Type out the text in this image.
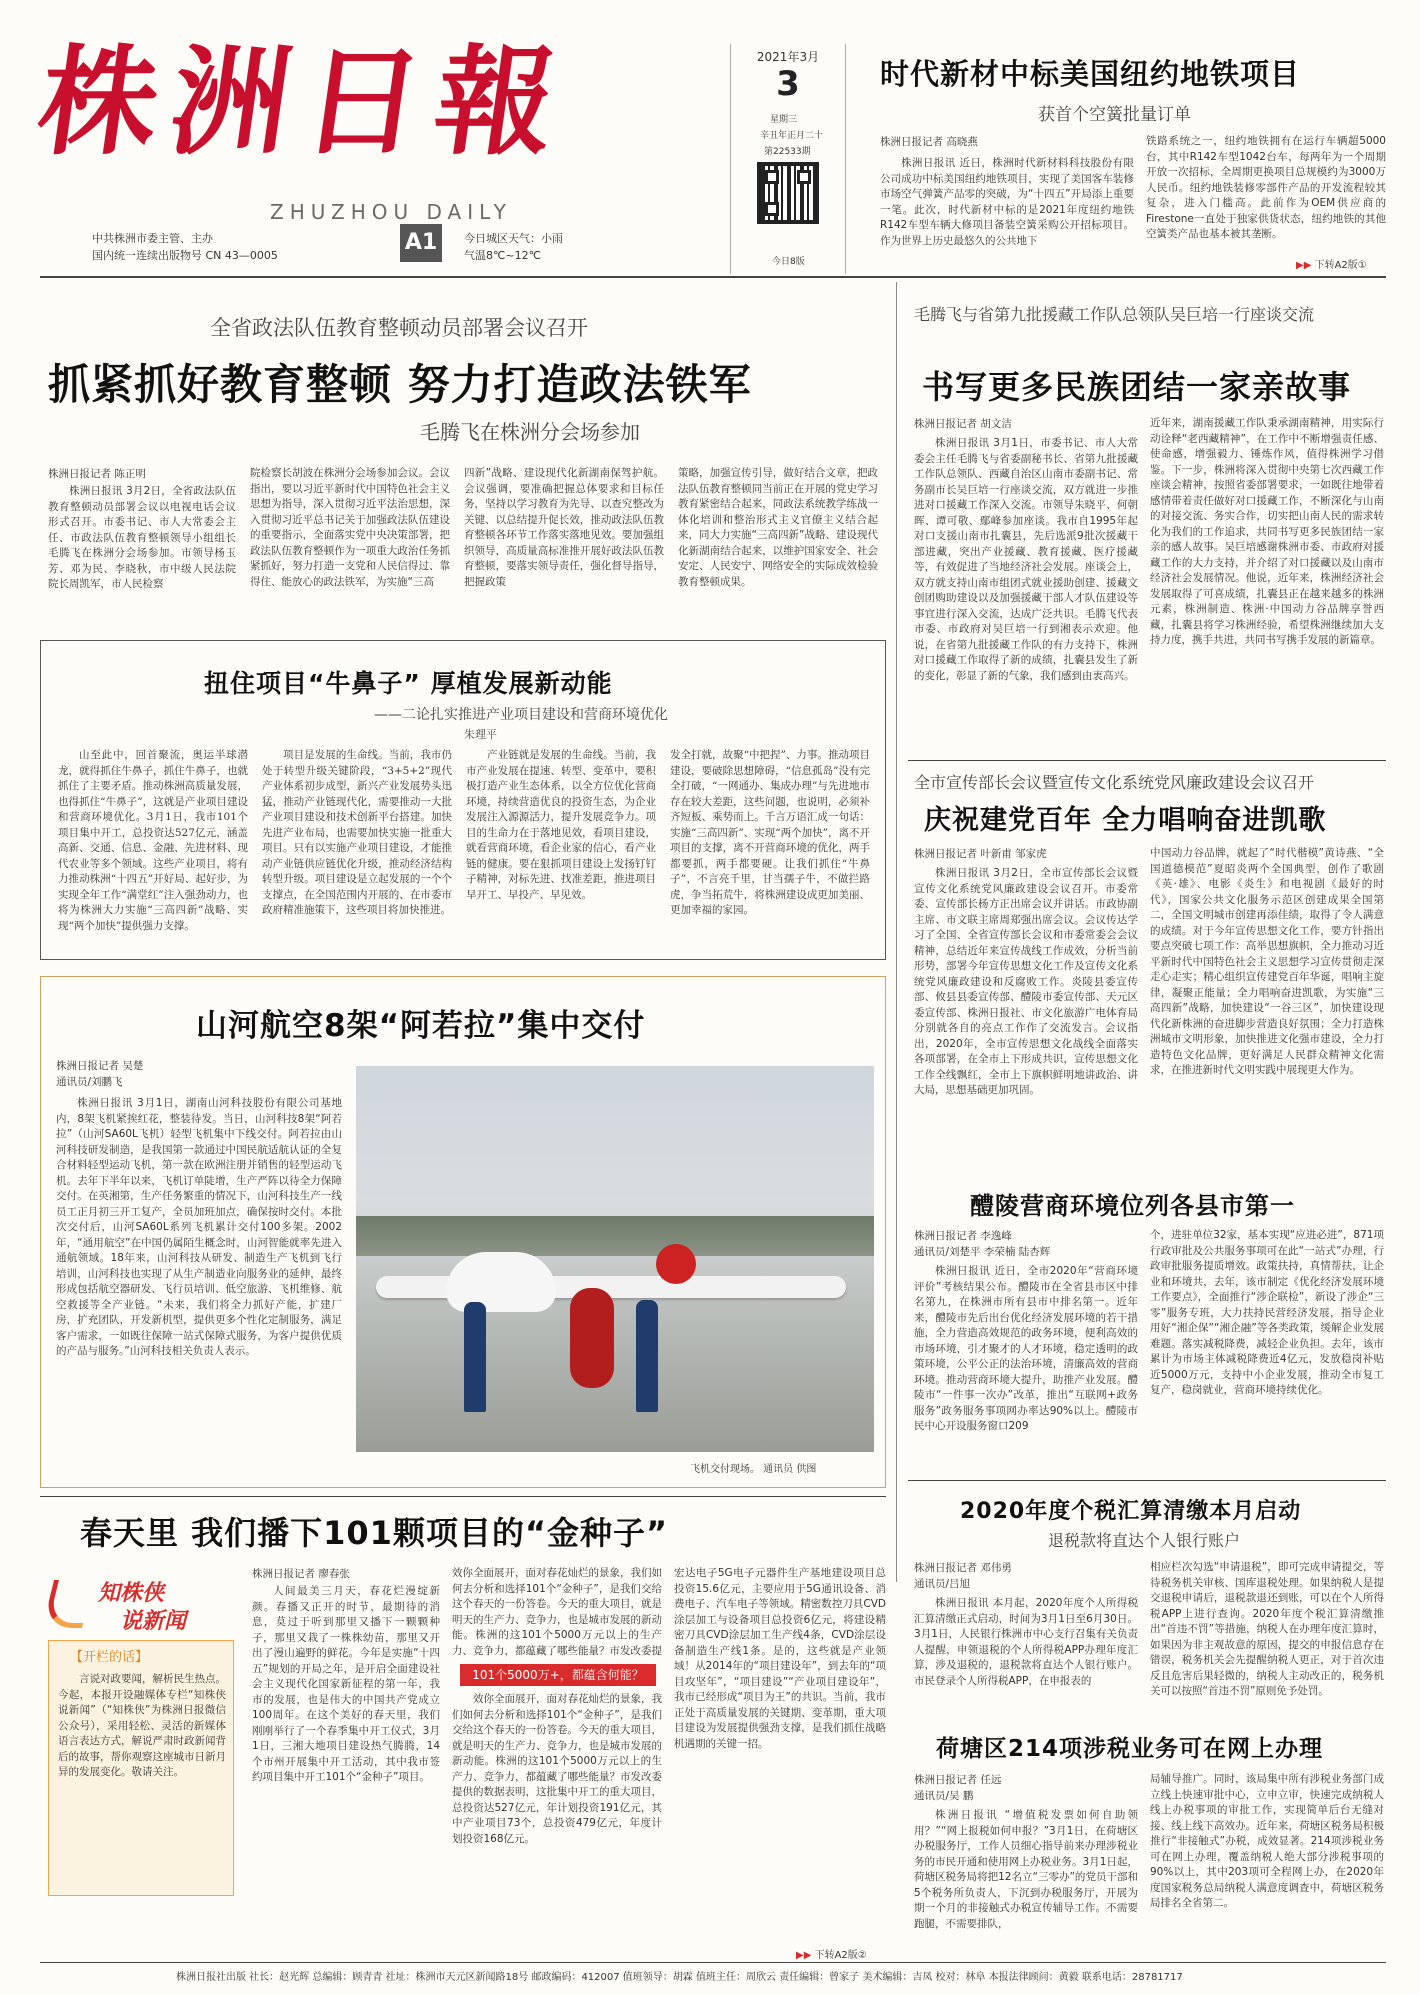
株洲日報
ZHUZHOU DAILY
中共株洲市委主管、主办
国内统一连续出版物号 CN 43—0005
A1	今日城区天气：小雨
气温8℃~12℃
2021年3月
3
星期三
辛丑年正月二十
第22533期
今日8版
时代新材中标美国纽约地铁项目
获首个空簧批量订单
株洲日报记者 高晓燕

株洲日报讯 近日，株洲时代新材料科技股份有限公司成功中标美国纽约地铁项目，实现了美国客车装修市场空气弹簧产品零的突破，为“十四五”开局添上重要一笔。此次，时代新材中标的是2021年度纽约地铁R142车型车辆大修项目备装空簧采购公开招标项目。作为世界上历史最悠久的公共地下

铁路系统之一，纽约地铁拥有在运行车辆超5000台，其中R142车型1042台车，每两年为一个周期开放一次招标，全周期更换项目总规模约为3000万人民币。纽约地铁装修零部件产品的开发流程较其复杂，进入门槛高。此前作为OEM供应商的Firestone一直处于独家供货状态，纽约地铁的其他空簧类产品也基本被其垄断。

▶▶ 下转A2版①
全省政法队伍教育整顿动员部署会议召开
抓紧抓好教育整顿 努力打造政法铁军
毛腾飞在株洲分会场参加
株洲日报记者 陈正明

株洲日报讯 3月2日，全省政法队伍教育整顿动员部署会议以电视电话会议形式召开。市委书记、市人大常委会主任、市政法队伍教育整顿领导小组组长毛腾飞在株洲分会场参加。市领导杨玉芳、邓为民、李晓秋，市中级人民法院院长周凯军，市人民检察

院检察长胡波在株洲分会场参加会议。会议指出，要以习近平新时代中国特色社会主义思想为指导，深入贯彻习近平法治思想，深入贯彻习近平总书记关于加强政法队伍建设的重要指示，全面落实党中央决策部署，把政法队伍教育整顿作为一项重大政治任务抓紧抓好，努力打造一支党和人民信得过、靠得住、能放心的政法铁军，为实施“三高

四新”战略、建设现代化新湖南保驾护航。会议强调，要准确把握总体要求和目标任务，坚持以学习教育为先导、以查究整改为关键、以总结提升促长效，推动政法队伍教育整顿各环节工作落实落地见效。要加强组织领导，高质量高标准推开展好政法队伍教育整顿，要落实领导责任，强化督导指导，把握政策

策略，加强宣传引导，做好结合文章，把政法队伍教育整顿同当前正在开展的党史学习教育紧密结合起来，同政法系统教学练战一体化培训和整治形式主义官僚主义结合起来，同大力实施“三高四新”战略、建设现代化新湖南结合起来，以维护国家安全、社会安定、人民安宁、网络安全的实际成效检验教育整顿成果。

扭住项目“牛鼻子” 厚植发展新动能
——二论扎实推进产业项目建设和营商环境优化
朱理平

山至此中，回首聚流，奥运半球潜龙，就得抓住牛鼻子，抓住牛鼻子，也就抓住了主要矛盾。推动株洲高质量发展，也得抓住“牛鼻子”，这就是产业项目建设和营商环境优化。3月1日，我市101个项目集中开工，总投资达527亿元，涵盖高新、交通、信息、金融、先进材料、现代农业等多个领域。这些产业项目，将有力推动株洲“十四五”开好局、起好步，为实现全年工作“满堂红”注入强劲动力，也将为株洲大力实施“三高四新”战略、实现“两个加快”提供强力支撑。

项目是发展的生命线。当前，我市仍处于转型升级关键阶段，“3+5+2”现代产业体系初步成型，新兴产业发展势头迅猛，推动产业链现代化，需要推动一大批产业项目建设和技术创新平台搭建。加快先进产业布局，也需要加快实施一批重大项目。只有以实施产业项目建设，才能推动产业链供应链优化升级，推动经济结构转型升级。项目建设是立起发展的一个个支撑点，在全国范围内开展的、在市委市政府精准施策下，这些项目将加快推进。

产业链就是发展的生命线。当前，我市产业发展在提速、转型、变革中，要积极打造产业生态体系，以全方位优化营商环境，持续营造优良的投资生态，为企业发展注入源源活力，提升发展竞争力。项目的生命力在于落地见效，看项目建设，就看营商环境，看企业家的信心，看产业链的健康。要在狠抓项目建设上发扬钉钉子精神，对标先进、找准差距，推进项目早开工、早投产、早见效。

发全打就，故聚“中把捏”、力事。推动项目建设，要破除思想障碍，“信息孤岛”没有完全打破，“一网通办、集成办理”与先进地市存在较大差距，这些问题，也说明，必须补齐短板、乘势而上。千言万语汇成一句话：实施“三高四新”、实现“两个加快”，离不开项目的支撑，离不开营商环境的优化，两手都要抓，两手都要硬。让我们抓住“牛鼻子”，不言亮千里，甘当孺子牛，不做拦路虎，争当拓荒牛，将株洲建设成更加美丽、更加幸福的家园。

山河航空8架“阿若拉”集中交付
株洲日报记者 吴楚
通讯员/刘鹏飞

株洲日报讯 3月1日，湖南山河科技股份有限公司基地内，8架飞机紧挨红花，整装待发。当日，山河科技8架“阿若拉”（山河SA60L飞机）轻型飞机集中下线交付。阿若拉由山河科技研发制造，是我国第一款通过中国民航适航认证的全复合材料轻型运动飞机，第一款在欧洲注册并销售的轻型运动飞机。去年下半年以来，飞机订单陡增，生产严阵以待全力保障交付。在英湘第，生产任务繁重的情况下，山河科技生产一线员工正月初三开工复产，全员加班加点，确保按时交付。本批次交付后，山河SA60L系列飞机累计交付100多架。2002年，“通用航空”在中国仍属陌生概念时，山河智能就率先进入通航领域。18年来，山河科技从研发、制造生产飞机到飞行培训，山河科技也实现了从生产制造业向服务业的延伸，最终形成包括航空器研发、飞行员培训、低空旅游、飞机维修、航空救援等全产业链。“未来，我们将全力抓好产能，扩建厂房，扩充团队，开发新机型，提供更多个性化定制服务，满足客户需求，一如既往保障一站式保障式服务，为客户提供优质的产品与服务。”山河科技相关负责人表示。

飞机交付现场。 通讯员 供图
毛腾飞与省第九批援藏工作队总领队吴巨培一行座谈交流
书写更多民族团结一家亲故事
株洲日报记者 胡文洁

株洲日报讯 3月1日，市委书记、市人大常委会主任毛腾飞与省委副秘书长、省第九批援藏工作队总领队、西藏自治区山南市委副书记、常务副市长吴巨培一行座谈交流，双方就进一步推进对口援藏工作深入交流。市领导朱晓平、何朝晖、谭可敬、鄢峰参加座谈。我市自1995年起对口支援山南市扎囊县，先后选派9批次援藏干部进藏，突出产业援藏、教育援藏、医疗援藏等，有效促进了当地经济社会发展。座谈会上，双方就支持山南市组团式就业援助创建、援藏文创团购助建设以及加强援藏干部人才队伍建设等事宜进行深入交流，达成广泛共识。毛腾飞代表市委、市政府对吴巨培一行到湘表示欢迎。他说，在省第九批援藏工作队的有力支持下，株洲对口援藏工作取得了新的成绩，扎囊县发生了新的变化，彰显了新的气象，我们感到由衷高兴。

近年来，湖南援藏工作队秉承湖南精神，用实际行动诠释“老西藏精神”，在工作中不断增强责任感、使命感，增强毅力、锤炼作风，值得株洲学习借鉴。下一步，株洲将深入贯彻中央第七次西藏工作座谈会精神，按照省委部署要求，一如既往地带着感情带着责任做好对口援藏工作，不断深化与山南的对接交流、务实合作，切实把山南人民的需求转化为我们的工作追求，共同书写更多民族团结一家亲的感人故事。吴巨培感谢株洲市委、市政府对援藏工作的大力支持，并介绍了对口援藏以及山南市经济社会发展情况。他说，近年来，株洲经济社会发展取得了可喜成绩，扎囊县正在越来越多的株洲元素，株洲制造、株洲·中国动力谷品牌享誉西藏，扎囊县将学习株洲经验，希望株洲继续加大支持力度，携手共进，共同书写携手发展的新篇章。

全市宣传部长会议暨宣传文化系统党风廉政建设会议召开
庆祝建党百年 全力唱响奋进凯歌
株洲日报记者 叶新甫 邹家虎

株洲日报讯 3月2日，全市宣传部长会议暨宣传文化系统党风廉政建设会议召开。市委常委、宣传部长杨方正出席会议并讲话。市政协副主席、市文联主席周郑强出席会议。会议传达学习了全国、全省宣传部长会议和市委常委会会议精神，总结近年来宣传战线工作成效，分析当前形势，部署今年宣传思想文化工作及宣传文化系统党风廉政建设和反腐败工作。炎陵县委宣传部、攸县县委宣传部、醴陵市委宣传部、天元区委宣传部、株洲日报社、市文化旅游广电体育局分别就各自的亮点工作作了交流发言。会议指出，2020年，全市宣传思想文化战线全面落实各项部署，在全市上下形成共识，宣传思想文化工作全线飘红，全市上下旗帜鲜明地讲政治、讲大局，思想基础更加巩固。

中国动力谷品牌，就起了“时代楷模”黄诗燕、“全国道德模范”夏昭炎两个全国典型，创作了歌剧《英·雄》、电影《炎生》和电视剧《最好的时代》，国家公共文化服务示范区创建成果全国第二，全国文明城市创建再添佳绩，取得了令人满意的成绩。对于今年宣传思想文化工作，要方针指出要点突破七项工作：高举思想旗帜，全力推动习近平新时代中国特色社会主义思想学习宣传贯彻走深走心走实；精心组织宣传建党百年华诞，唱响主旋律，凝聚正能量；全力唱响奋进凯歌，为实施“三高四新”战略，加快建设“一谷三区”，加快建设现代化新株洲的奋进脚步营造良好氛围；全力打造株洲城市文明形象，加快推进文化强市建设，全力打造特色文化品牌，更好满足人民群众精神文化需求，在推进新时代文明实践中展现更大作为。

醴陵营商环境位列各县市第一
株洲日报记者 李逸峰
通讯员/刘楚平 李荣楠 陆杏辉

株洲日报讯 近日，全市2020年“营商环境评价”考核结果公布。醴陵市在全省县市区中排名第九，在株洲市所有县市中排名第一。近年来，醴陵市先后出台优化经济发展环境的若干措施，全力营造高效规范的政务环境，便利高效的市场环境，引才聚才的人才环境，稳定透明的政策环境，公平公正的法治环境，清廉高效的营商环境。推动营商环境大提升，助推产业发展。醴陵市“一件事一次办”改革，推出“互联网+政务服务”政务服务事项网办率达90%以上。醴陵市民中心开设服务窗口209

个，进驻单位32家，基本实现“应进必进”，871项行政审批及公共服务事项可在此“一站式”办理，行政审批服务提质增效。政策扶持，真情帮扶，让企业和环境共，去年，该市制定《优化经济发展环境工作要点》，全面推行“涉企联检”，新设了涉企“三零”服务专班，大力扶持民营经济发展，指导企业用好“湘企保”“湘企融”等各类政策，缓解企业发展难题。落实减税降费，减轻企业负担。去年，该市累计为市场主体减税降费近4亿元，发放稳岗补贴近5000万元，支持中小企业发展，推动全市复工复产，稳岗就业，营商环境持续优化。

2020年度个税汇算清缴本月启动
退税款将直达个人银行账户
株洲日报记者 邓伟勇
通讯员/吕旭

株洲日报讯 本月起，2020年度个人所得税汇算清缴正式启动，时间为3月1日至6月30日。3月1日，人民银行株洲市中心支行召集有关负责人提醒，申领退税的个人所得税APP办理年度汇算，涉及退税的，退税款将直达个人银行账户。市民登录个人所得税APP，在申报表的

相应栏次勾选“申请退税”，即可完成申请提交，等待税务机关审核、国库退税处理。如果纳税人是提交退税申请后，退税款退还到账，可以在个人所得税APP上进行查询。2020年度个税汇算清缴推出“首违不罚”等措施，纳税人在办理年度汇算时，如果因为非主观故意的原因，提交的申报信息存在错误，税务机关会先提醒纳税人更正，对于首次违反且危害后果轻微的，纳税人主动改正的，税务机关可以按照“首违不罚”原则免予处罚。

荷塘区214项涉税业务可在网上办理
株洲日报记者 任远
通讯员/吴 鹏

株洲日报讯 “增值税发票如何自助领用？”“网上报税如何申报？”3月1日，在荷塘区办税服务厅，工作人员细心指导前来办理涉税业务的市民开通和使用网上办税业务。3月1日起，荷塘区税务局将把12名立“三零办”的党员干部和5个税务所负责人，下沉到办税服务厅，开展为期一个月的非接触式办税宣传辅导工作。不需要跑腿，不需要排队，

局辅导推广。同时，该局集中所有涉税业务部门成立线上快速审批中心，立申立审，快速完成纳税人线上办税事项的审批工作，实现简单后台无缝对接、线上线下高效办。近年来，荷塘区税务局积极推行“非接触式”办税，成效显著。214项涉税业务可在网上办理，覆盖纳税人绝大部分涉税事项的90%以上，其中203项可全程网上办，在2020年度国家税务总局纳税人满意度调查中，荷塘区税务局排名全省第二。

春天里 我们播下101颗项目的“金种子”
知株侠
说新闻
【开栏的话】

言说对政要闻，解析民生热点。今起，本报开设融媒体专栏“知株侠说新闻”（“知株侠”为株洲日报微信公众号），采用轻松、灵活的新媒体语言表达方式，解说严肃时政新闻背后的故事，帮你观察这座城市日新月异的发展变化。敬请关注。

株洲日报记者 廖春张

人间最美三月天，春花烂漫绽新颜。春播又正开的时节，最期待的消息，莫过于听到那里又播下一颗颗种子，那里又栽了一株株幼苗，那里又开出了漫山遍野的鲜花。今年是实施“十四五”规划的开局之年，是开启全面建设社会主义现代化国家新征程的第一年，我市的发展，也是伟大的中国共产党成立100周年。在这个美好的春天里，我们刚刚举行了一个春季集中开工仪式，3月1日，三湘大地项目建设热气腾腾，14个市州开展集中开工活动，其中我市签约项目集中开工101个“金种子”项目。

效你全面展开，面对春花灿烂的景象，我们如何去分析和选择101个“金种子”，是我们交给这个春天的一份答卷。今天的重大项目，就是明天的生产力、竞争力，也是城市发展的新动能。株洲的这101个5000万元以上的生产力、竞争力，都蕴藏了哪些能量？市发改委提

101个5000万+，都蕴含何能？

效你全面展开，面对春花灿烂的景象，我们如何去分析和选择101个“金种子”，是我们交给这个春天的一份答卷。今天的重大项目，就是明天的生产力、竞争力，也是城市发展的新动能。株洲的这101个5000万元以上的生产力、竞争力，都蕴藏了哪些能量？市发改委提供的数据表明，这批集中开工的重大项目，总投资达527亿元，年计划投资191亿元，其中产业项目73个，总投资479亿元，年度计划投资168亿元。

宏达电子5G电子元器件生产基地建设项目总投资15.6亿元，主要应用于5G通讯设备、消费电子、汽车电子等领域。精密数控刀具CVD涂层加工与设备项目总投资6亿元，将建设精密刀具CVD涂层加工生产线4条，CVD涂层设备制造生产线1条。是的，这些就是产业领域！从2014年的“项目建设年”，到去年的“项目攻坚年”，“项目建设”“产业项目建设年”，我市已经形成“项目为王”的共识。当前，我市正处于高质量发展的关键期、变革期，重大项目建设为发展提供强劲支撑，是我们抓住战略机遇期的关键一招。

▶▶ 下转A2版②
株洲日报社出版 社长：赵光辉 总编辑：顾青青 社址：株洲市天元区新闻路18号 邮政编码：412007 值班领导：胡霖 值班主任：周欣云 责任编辑：曾家子 美术编辑：吉凤 校对：林阜 本报法律顾问：黄毅 联系电话：28781717
